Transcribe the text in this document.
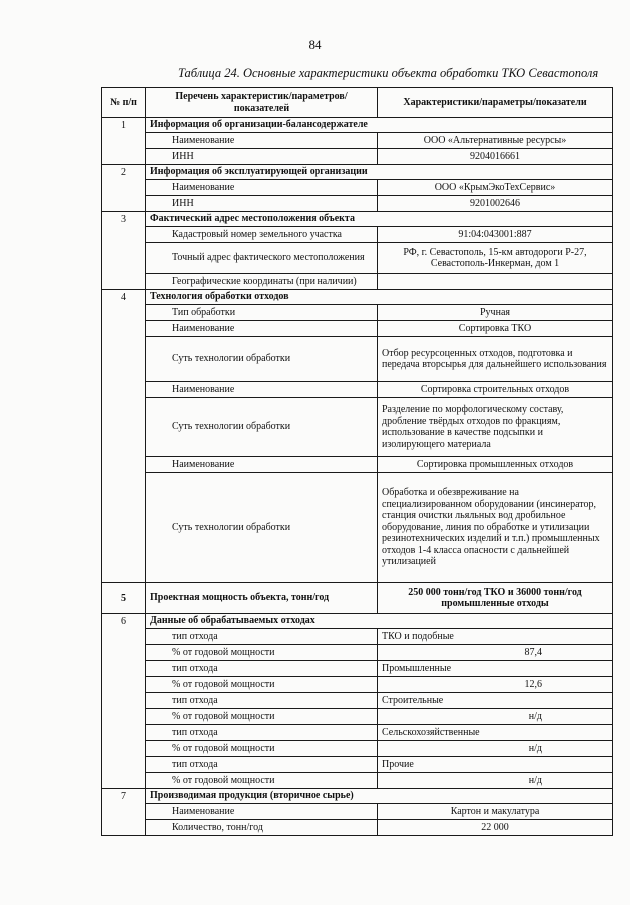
84
Таблица 24. Основные характеристики объекта обработки ТКО Севастополя
№ п/п	Перечень характеристик/параметров/показателей	Характеристики/параметры/показатели
1	Информация об организации-балансодержателе	
	Наименование	ООО «Альтернативные ресурсы»
	ИНН	9204016661
2	Информация об эксплуатирующей организации	
	Наименование	ООО «КрымЭкоТехСервис»
	ИНН	9201002646
3	Фактический адрес местоположения объекта	
	Кадастровый номер земельного участка	91:04:043001:887
	Точный адрес фактического местоположения	РФ, г. Севастополь, 15-км автодороги Р-27, Севастополь-Инкерман, дом 1
	Географические координаты (при наличии)	
4	Технология обработки отходов	
	Тип обработки	Ручная
	Наименование	Сортировка ТКО
	Суть технологии обработки	Отбор ресурсоценных отходов, подготовка и передача вторсырья для дальнейшего использования
	Наименование	Сортировка строительных отходов
	Суть технологии обработки	Разделение по морфологическому составу, дробление твёрдых отходов по фракциям, использование в качестве подсыпки и изолирующего материала
	Наименование	Сортировка промышленных отходов
	Суть технологии обработки	Обработка и обезвреживание на специализированном оборудовании (инсинератор, станция очистки льяльных вод дробильное оборудование, линия по обработке и утилизации резинотехнических изделий и т.п.) промышленных отходов 1-4 класса опасности с дальнейшей утилизацией
5	Проектная мощность объекта, тонн/год	250 000 тонн/год ТКО и 36000 тонн/год промышленные отходы
6	Данные об обрабатываемых отходах	
	тип отхода	ТКО и подобные
	% от годовой мощности	87,4
	тип отхода	Промышленные
	% от годовой мощности	12,6
	тип отхода	Строительные
	% от годовой мощности	н/д
	тип отхода	Сельскохозяйственные
	% от годовой мощности	н/д
	тип отхода	Прочие
	% от годовой мощности	н/д
7	Производимая продукция (вторичное сырье)	
	Наименование	Картон и макулатура
	Количество, тонн/год	22 000
